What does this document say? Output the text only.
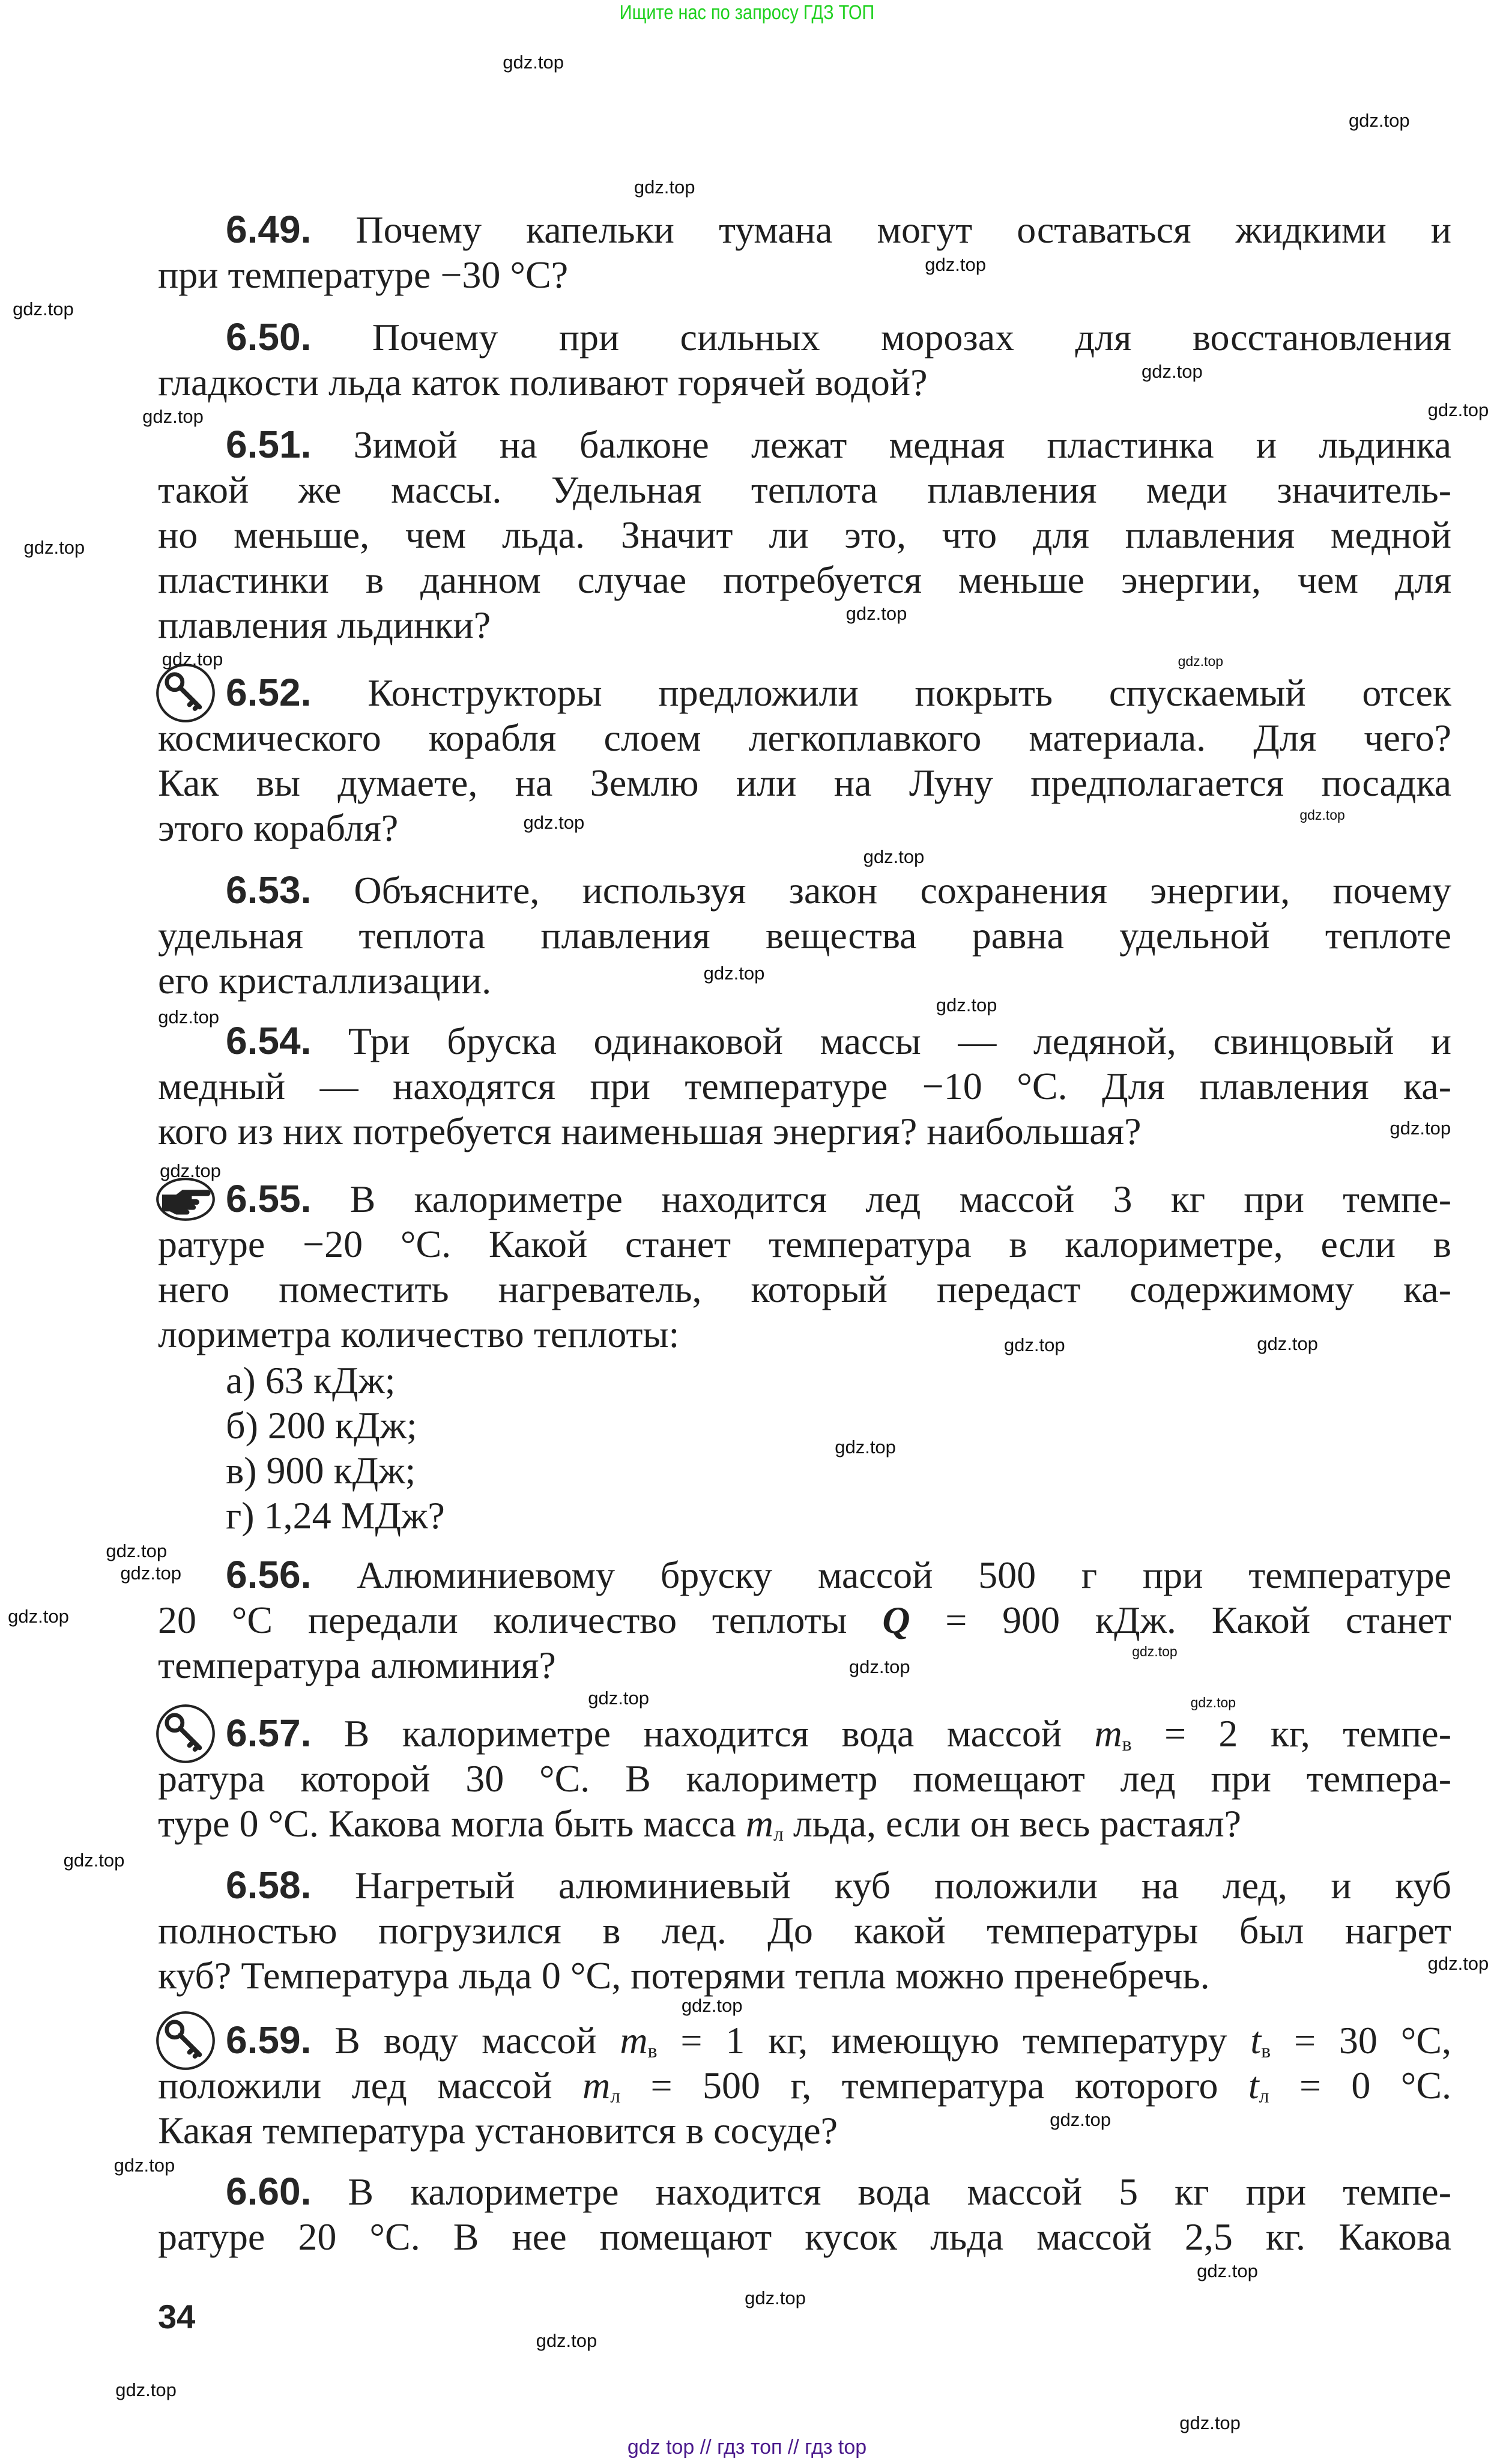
Ищите нас по запросу ГДЗ ТОП
6.49. Почему капельки тумана могут оставаться жидкими и
при температуре −30 °С?
6.50. Почему при сильных морозах для восстановления
гладкости льда каток поливают горячей водой?
6.51. Зимой на балконе лежат медная пластинка и льдинка
такой же массы. Удельная теплота плавления меди значитель-
но меньше, чем льда. Значит ли это, что для плавления медной
пластинки в данном случае потребуется меньше энергии, чем для
плавления льдинки?
6.52. Конструкторы предложили покрыть спускаемый отсек
космического корабля слоем легкоплавкого материала. Для чего?
Как вы думаете, на Землю или на Луну предполагается посадка
этого корабля?
6.53. Объясните, используя закон сохранения энергии, почему
удельная теплота плавления вещества равна удельной теплоте
его кристаллизации.
6.54. Три бруска одинаковой массы — ледяной, свинцовый и
медный — находятся при температуре −10 °С. Для плавления ка-
кого из них потребуется наименьшая энергия? наибольшая?
6.55. В калориметре находится лед массой 3 кг при темпе-
ратуре −20 °С. Какой станет температура в калориметре, если в
него поместить нагреватель, который передаст содержимому ка-
лориметра количество теплоты:
а) 63 кДж;
б) 200 кДж;
в) 900 кДж;
г) 1,24 МДж?
6.56. Алюминиевому бруску массой 500 г при температуре
20 °С передали количество теплоты Q = 900 кДж. Какой станет
температура алюминия?
6.57. В калориметре находится вода массой $m_в = 2$ кг, темпе-
ратура которой 30 °С. В калориметр помещают лед при темпера-
туре 0 °С. Какова могла быть масса $m_л$ льда, если он весь растаял?
6.58. Нагретый алюминиевый куб положили на лед, и куб
полностью погрузился в лед. До какой температуры был нагрет
куб? Температура льда 0 °С, потерями тепла можно пренебречь.
6.59. В воду массой $m_в = 1$ кг, имеющую температуру $t_в = 30$ °С,
положили лед массой $m_л = 500$ г, температура которого $t_л = 0$ °С.
Какая температура установится в сосуде?
6.60. В калориметре находится вода массой 5 кг при темпе-
ратуре 20 °С. В нее помещают кусок льда массой 2,5 кг. Какова
34
gdz top // гдз топ // гдз top
gdz.top
gdz.top
gdz.top
gdz.top
gdz.top
gdz.top
gdz.top	gdz.top
gdz.top
gdz.top
gdz.top	gdz.top
gdz.top
gdz.top
gdz.top
gdz.top
gdz.top
gdz.top
gdz.top
gdz.top
gdz.top	gdz.top
gdz.top
gdz.top
gdz.top
gdz.top
gdz.top
gdz.top
gdz.top	gdz.top
gdz.top
gdz.top
gdz.top
gdz.top
gdz.top
gdz.top
gdz.top
gdz.top
gdz.top
gdz.top
